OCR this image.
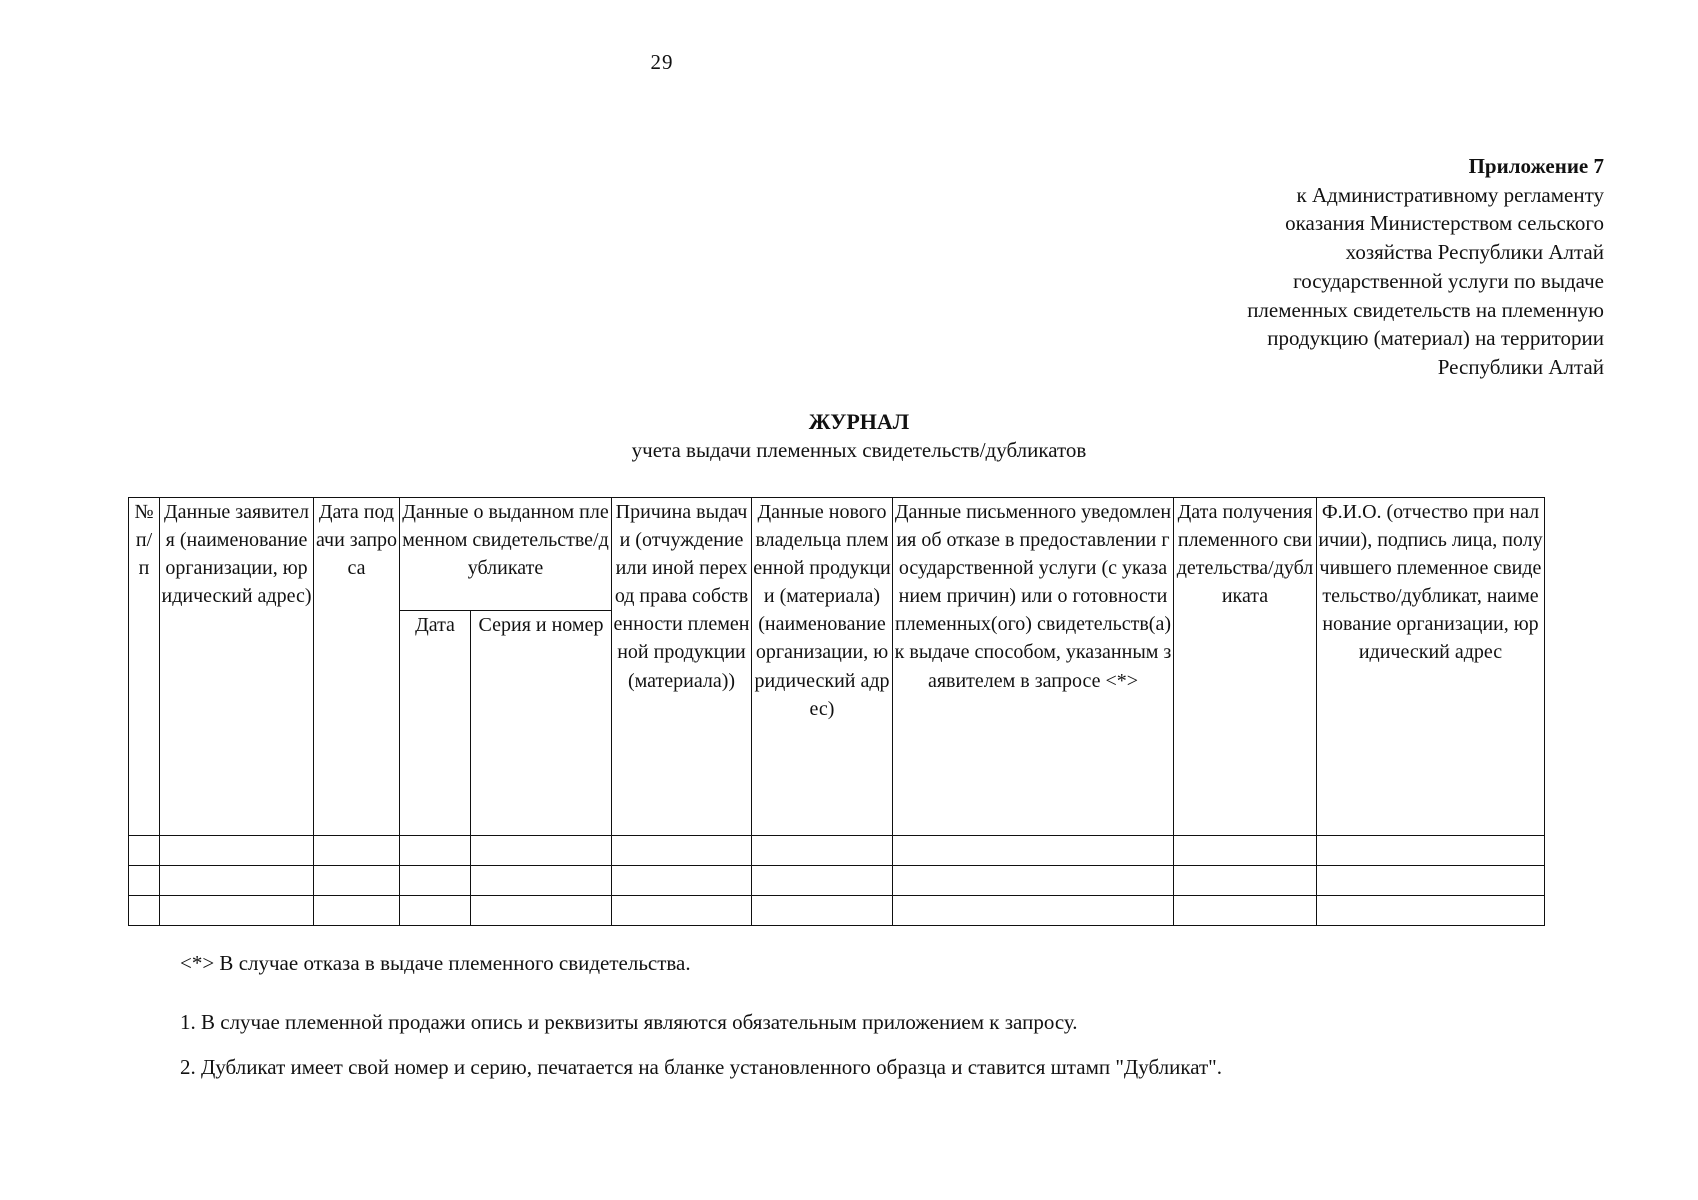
29
Приложение 7
к Административному регламенту
оказания Министерством сельского
хозяйства Республики Алтай
государственной услуги по выдаче
племенных свидетельств на племенную
продукцию (материал) на территории
Республики Алтай
ЖУРНАЛ
учета выдачи племенных свидетельств/дубликатов
№ п/ п	Данные заявителя (наименование организации, юридический адрес)	Дата подачи запроса	Данные о выданном племенном свидетельстве/дубликате		Причина выдачи (отчуждение или иной переход права собственности племенной продукции (материала))	Данные нового владельца племенной продукции (материала) (наименование организации, юридический адрес)	Данные письменного уведомления об отказе в предоставлении государственной услуги (с указанием причин) или о готовности племенных(ого) свидетельств(а) к выдаче способом, указанным заявителем в запросе <*>	Дата получения племенного свидетельства/дубликата	Ф.И.О. (отчество при наличии), подпись лица, получившего племенное свидетельство/дубликат, наименование организации, юридический адрес
			Дата	Серия и номер					

<*> В случае отказа в выдаче племенного свидетельства.

1. В случае племенной продажи опись и реквизиты являются обязательным приложением к запросу.

2. Дубликат имеет свой номер и серию, печатается на бланке установленного образца и ставится штамп "Дубликат".
